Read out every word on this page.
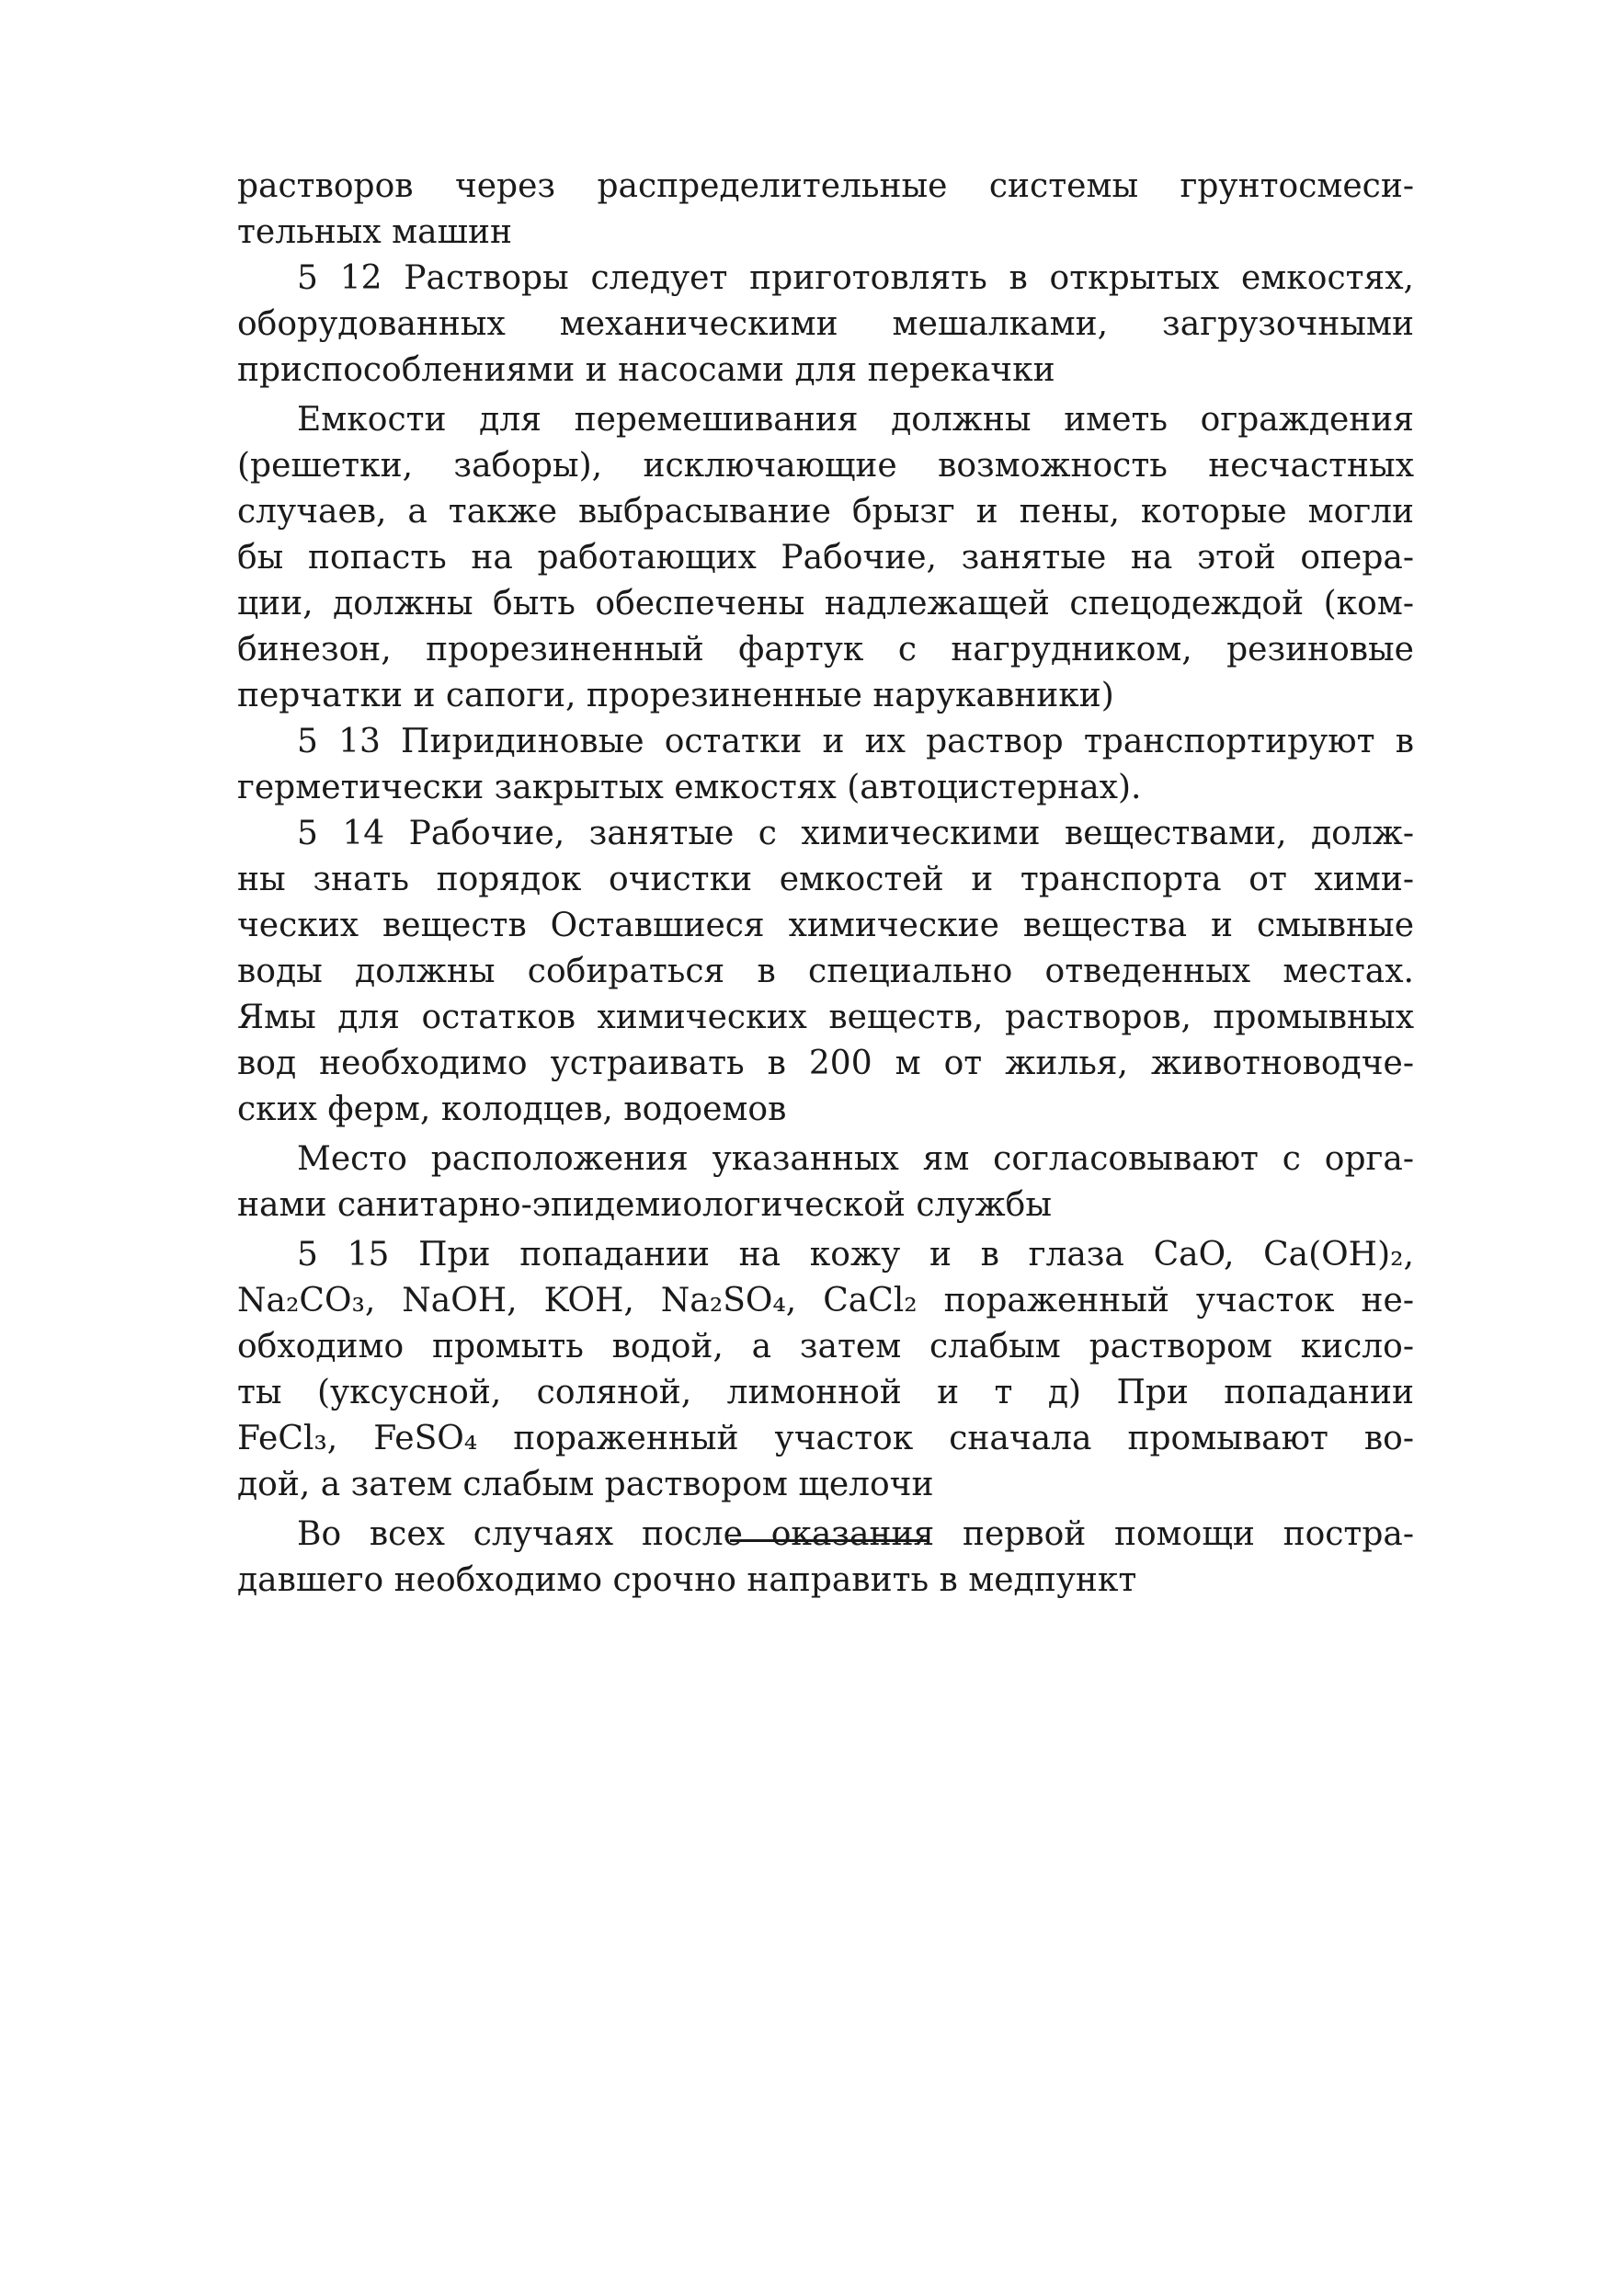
растворов через распределительные системы грунтосмеси-
тельных машин
5 12 Растворы следует приготовлять в открытых емкостях,
оборудованных механическими мешалками, загрузочными
приспособлениями и насосами для перекачки
Емкости для перемешивания должны иметь ограждения
(решетки, заборы), исключающие возможность несчастных
случаев, а также выбрасывание брызг и пены, которые могли
бы попасть на работающих Рабочие, занятые на этой опера-
ции, должны быть обеспечены надлежащей спецодеждой (ком-
бинезон, прорезиненный фартук с нагрудником, резиновые
перчатки и сапоги, прорезиненные нарукавники)
5 13 Пиридиновые остатки и их раствор транспортируют в
герметически закрытых емкостях (автоцистернах).
5 14 Рабочие, занятые с химическими веществами, долж-
ны знать порядок очистки емкостей и транспорта от хими-
ческих веществ Оставшиеся химические вещества и смывные
воды должны собираться в специально отведенных местах.
Ямы для остатков химических веществ, растворов, промывных
вод необходимо устраивать в 200 м от жилья, животноводче-
ских ферм, колодцев, водоемов
Место расположения указанных ям согласовывают с орга-
нами санитарно-эпидемиологической службы
5 15 При попадании на кожу и в глаза CaO, Ca(OH)₂,
Na₂CO₃, NaOH, KOH, Na₂SO₄, CaCl₂ пораженный участок не-
обходимо промыть водой, а затем слабым раствором кисло-
ты (уксусной, соляной, лимонной и т д) При попадании
FeCl₃, FeSO₄ пораженный участок сначала промывают во-
дой, а затем слабым раствором щелочи
Во всех случаях после оказания первой помощи постра-
давшего необходимо срочно направить в медпункт
